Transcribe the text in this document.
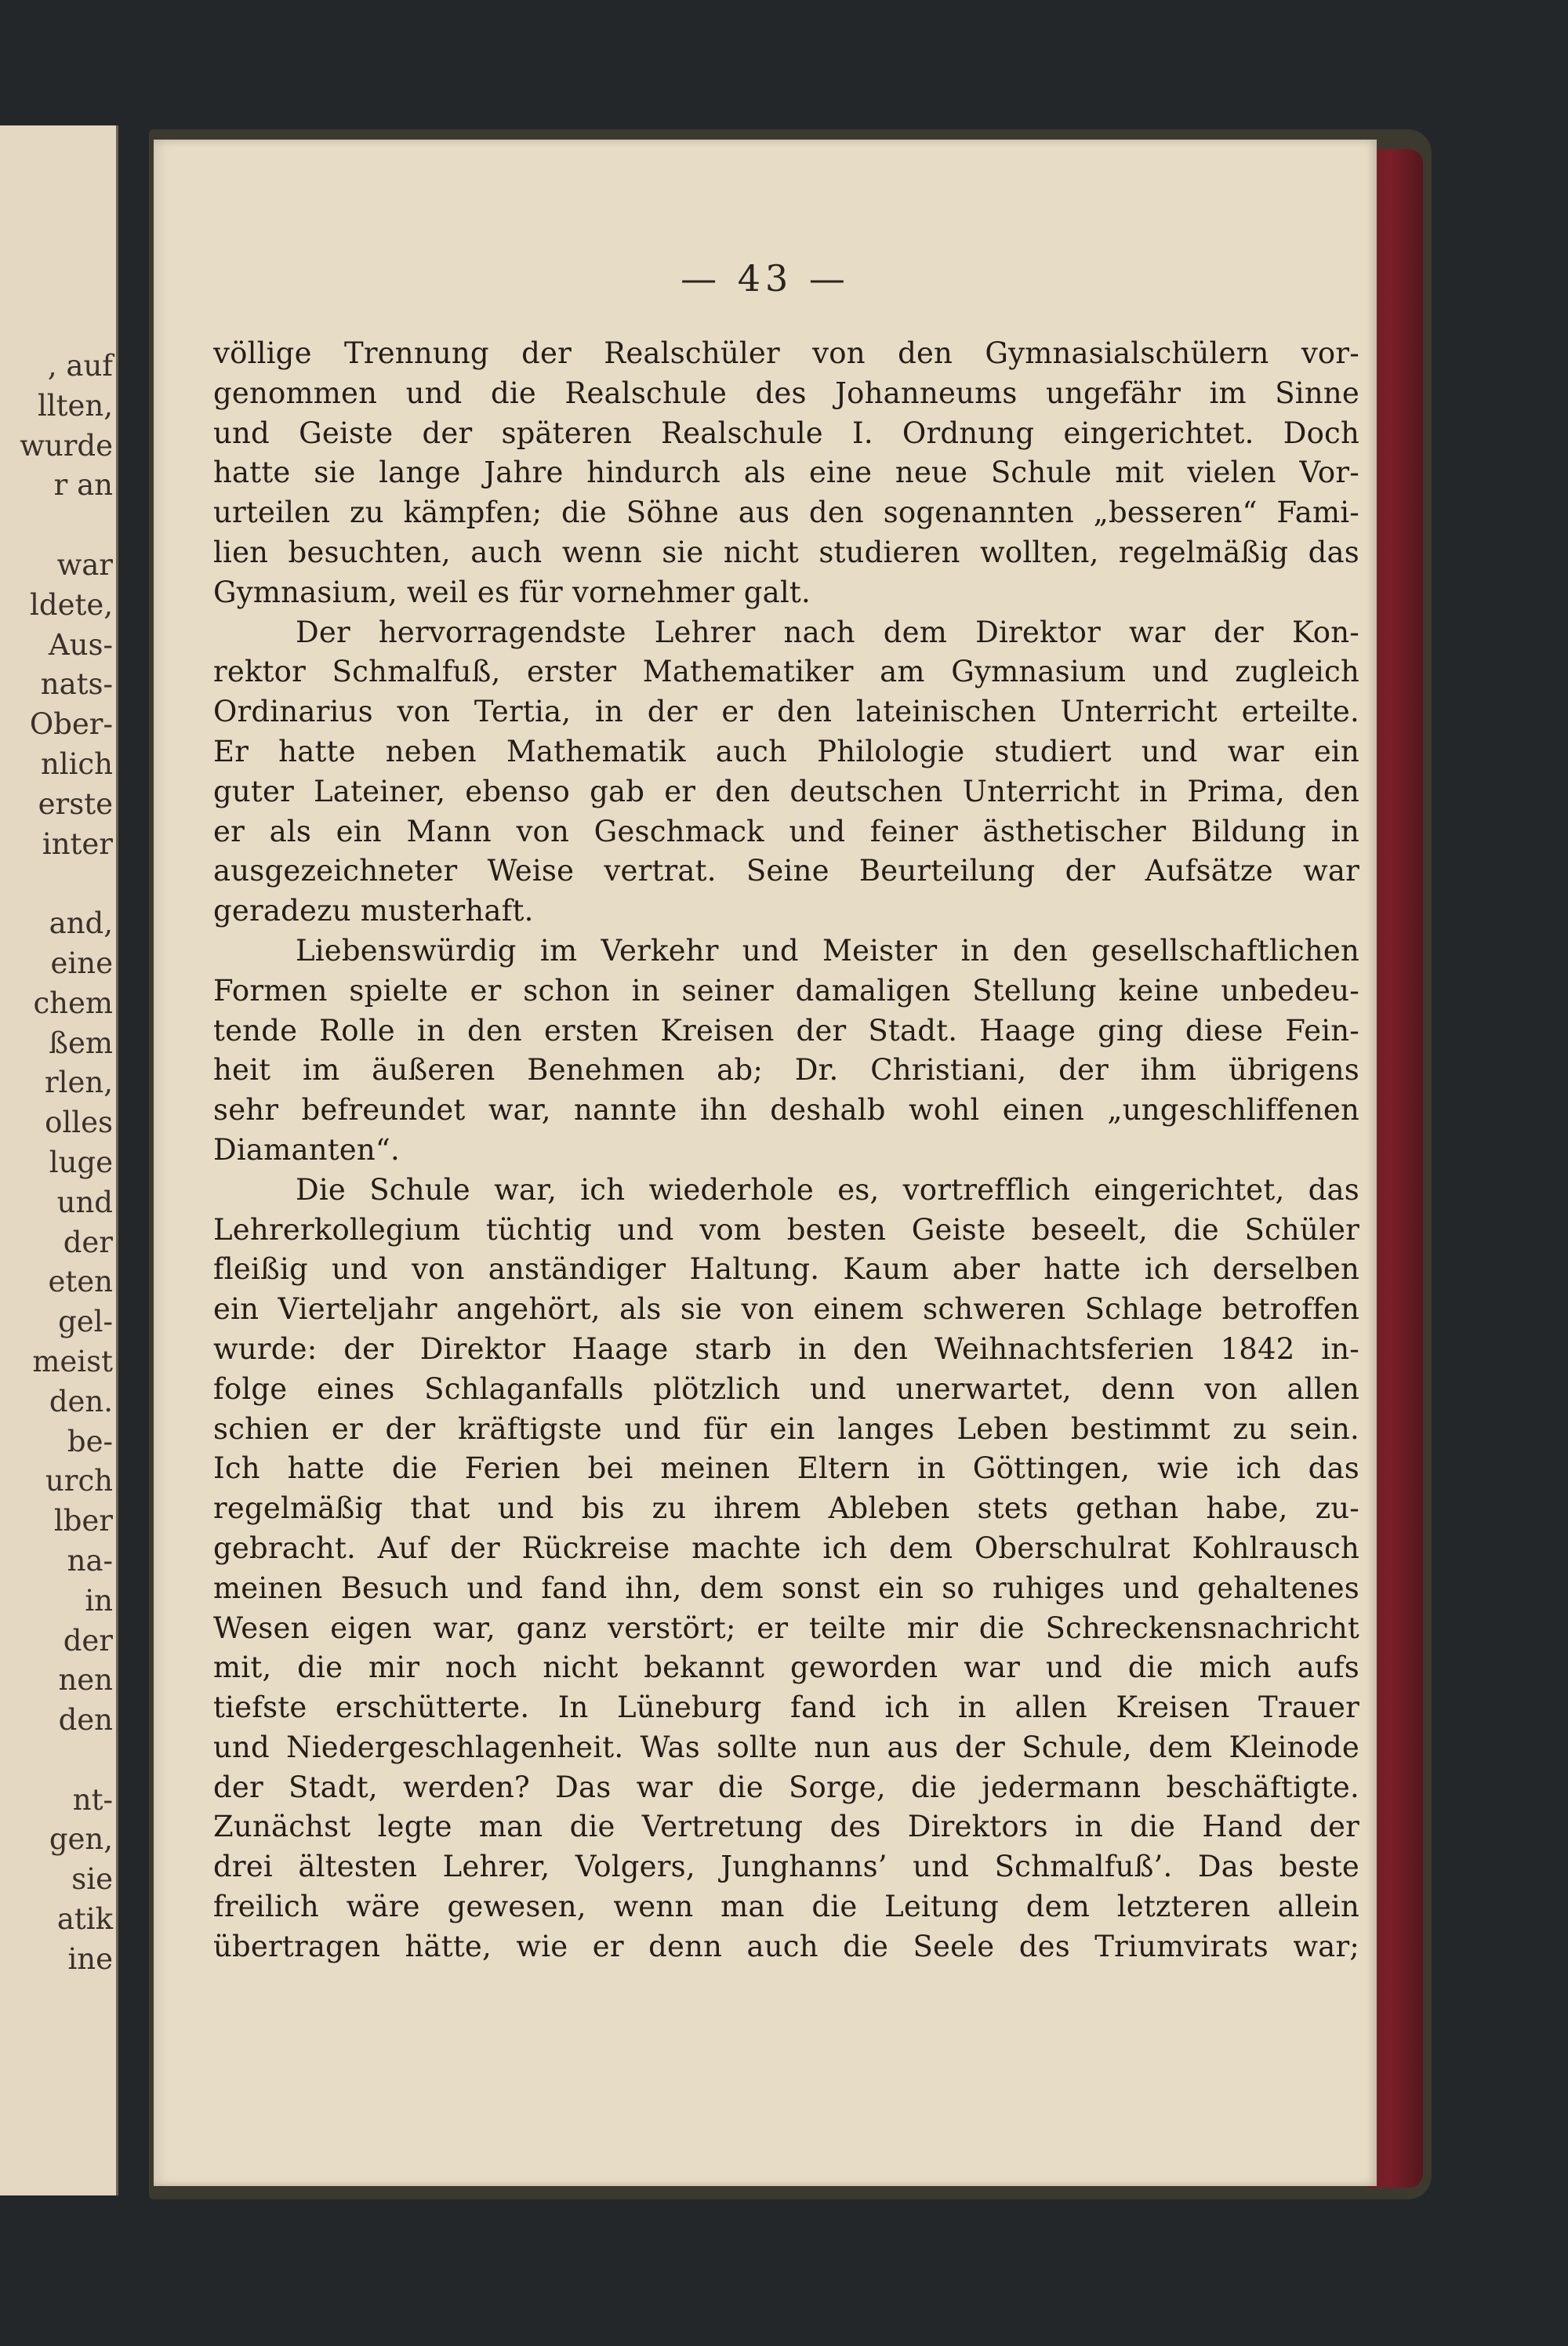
, auf
llten,
wurde
r an
war
ldete,
Aus-
nats-
Ober-
nlich
erste
inter
and,
eine
chem
ßem
rlen,
olles
luge
und
der
eten
gel-
meist
den.
be-
urch
lber
na-
in
der
nen
den
nt-
gen,
sie
atik
ine
— 43 —
völlige Trennung der Realschüler von den Gymnasialschülern vor-
genommen und die Realschule des Johanneums ungefähr im Sinne
und Geiste der späteren Realschule I. Ordnung eingerichtet. Doch
hatte sie lange Jahre hindurch als eine neue Schule mit vielen Vor-
urteilen zu kämpfen; die Söhne aus den sogenannten „besseren“ Fami-
lien besuchten, auch wenn sie nicht studieren wollten, regelmäßig das
Gymnasium, weil es für vornehmer galt.
Der hervorragendste Lehrer nach dem Direktor war der Kon-
rektor Schmalfuß, erster Mathematiker am Gymnasium und zugleich
Ordinarius von Tertia, in der er den lateinischen Unterricht erteilte.
Er hatte neben Mathematik auch Philologie studiert und war ein
guter Lateiner, ebenso gab er den deutschen Unterricht in Prima, den
er als ein Mann von Geschmack und feiner ästhetischer Bildung in
ausgezeichneter Weise vertrat. Seine Beurteilung der Aufsätze war
geradezu musterhaft.
Liebenswürdig im Verkehr und Meister in den gesellschaftlichen
Formen spielte er schon in seiner damaligen Stellung keine unbedeu-
tende Rolle in den ersten Kreisen der Stadt. Haage ging diese Fein-
heit im äußeren Benehmen ab; Dr. Christiani, der ihm übrigens
sehr befreundet war, nannte ihn deshalb wohl einen „ungeschliffenen
Diamanten“.
Die Schule war, ich wiederhole es, vortrefflich eingerichtet, das
Lehrerkollegium tüchtig und vom besten Geiste beseelt, die Schüler
fleißig und von anständiger Haltung. Kaum aber hatte ich derselben
ein Vierteljahr angehört, als sie von einem schweren Schlage betroffen
wurde: der Direktor Haage starb in den Weihnachtsferien 1842 in-
folge eines Schlaganfalls plötzlich und unerwartet, denn von allen
schien er der kräftigste und für ein langes Leben bestimmt zu sein.
Ich hatte die Ferien bei meinen Eltern in Göttingen, wie ich das
regelmäßig that und bis zu ihrem Ableben stets gethan habe, zu-
gebracht. Auf der Rückreise machte ich dem Oberschulrat Kohlrausch
meinen Besuch und fand ihn, dem sonst ein so ruhiges und gehaltenes
Wesen eigen war, ganz verstört; er teilte mir die Schreckensnachricht
mit, die mir noch nicht bekannt geworden war und die mich aufs
tiefste erschütterte. In Lüneburg fand ich in allen Kreisen Trauer
und Niedergeschlagenheit. Was sollte nun aus der Schule, dem Kleinode
der Stadt, werden? Das war die Sorge, die jedermann beschäftigte.
Zunächst legte man die Vertretung des Direktors in die Hand der
drei ältesten Lehrer, Volgers, Junghanns’ und Schmalfuß’. Das beste
freilich wäre gewesen, wenn man die Leitung dem letzteren allein
übertragen hätte, wie er denn auch die Seele des Triumvirats war;
